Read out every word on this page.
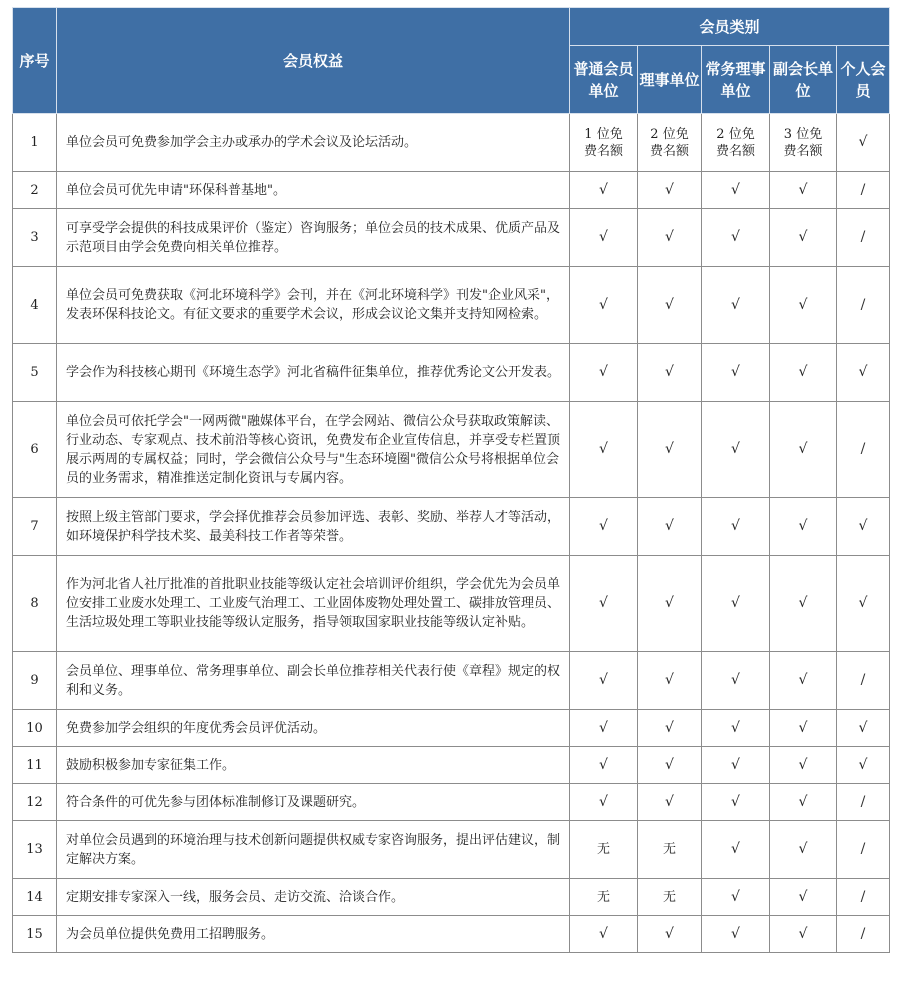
序号	会员权益	会员类别				
		普通会员单位	理事单位	常务理事单位	副会长单位	个人会员
1	单位会员可免费参加学会主办或承办的学术会议及论坛活动。	1 位免费名额	2 位免费名额	2 位免费名额	3 位免费名额	√
2	单位会员可优先申请"环保科普基地"。	√	√	√	√	/
3	可享受学会提供的科技成果评价（鉴定）咨询服务；单位会员的技术成果、优质产品及示范项目由学会免费向相关单位推荐。	√	√	√	√	/
4	单位会员可免费获取《河北环境科学》会刊，并在《河北环境科学》刊发"企业风采"，发表环保科技论文。有征文要求的重要学术会议，形成会议论文集并支持知网检索。	√	√	√	√	/
5	学会作为科技核心期刊《环境生态学》河北省稿件征集单位，推荐优秀论文公开发表。	√	√	√	√	√
6	单位会员可依托学会"一网两微"融媒体平台，在学会网站、微信公众号获取政策解读、行业动态、专家观点、技术前沿等核心资讯，免费发布企业宣传信息，并享受专栏置顶展示两周的专属权益；同时，学会微信公众号与"生态环境圈"微信公众号将根据单位会员的业务需求，精准推送定制化资讯与专属内容。	√	√	√	√	/
7	按照上级主管部门要求，学会择优推荐会员参加评选、表彰、奖励、举荐人才等活动，如环境保护科学技术奖、最美科技工作者等荣誉。	√	√	√	√	√
8	作为河北省人社厅批准的首批职业技能等级认定社会培训评价组织，学会优先为会员单位安排工业废水处理工、工业废气治理工、工业固体废物处理处置工、碳排放管理员、生活垃圾处理工等职业技能等级认定服务，指导领取国家职业技能等级认定补贴。	√	√	√	√	√
9	会员单位、理事单位、常务理事单位、副会长单位推荐相关代表行使《章程》规定的权利和义务。	√	√	√	√	/
10	免费参加学会组织的年度优秀会员评优活动。	√	√	√	√	√
11	鼓励积极参加专家征集工作。	√	√	√	√	√
12	符合条件的可优先参与团体标准制修订及课题研究。	√	√	√	√	/
13	对单位会员遇到的环境治理与技术创新问题提供权威专家咨询服务，提出评估建议，制定解决方案。	无	无	√	√	/
14	定期安排专家深入一线，服务会员、走访交流、洽谈合作。	无	无	√	√	/
15	为会员单位提供免费用工招聘服务。	√	√	√	√	/
